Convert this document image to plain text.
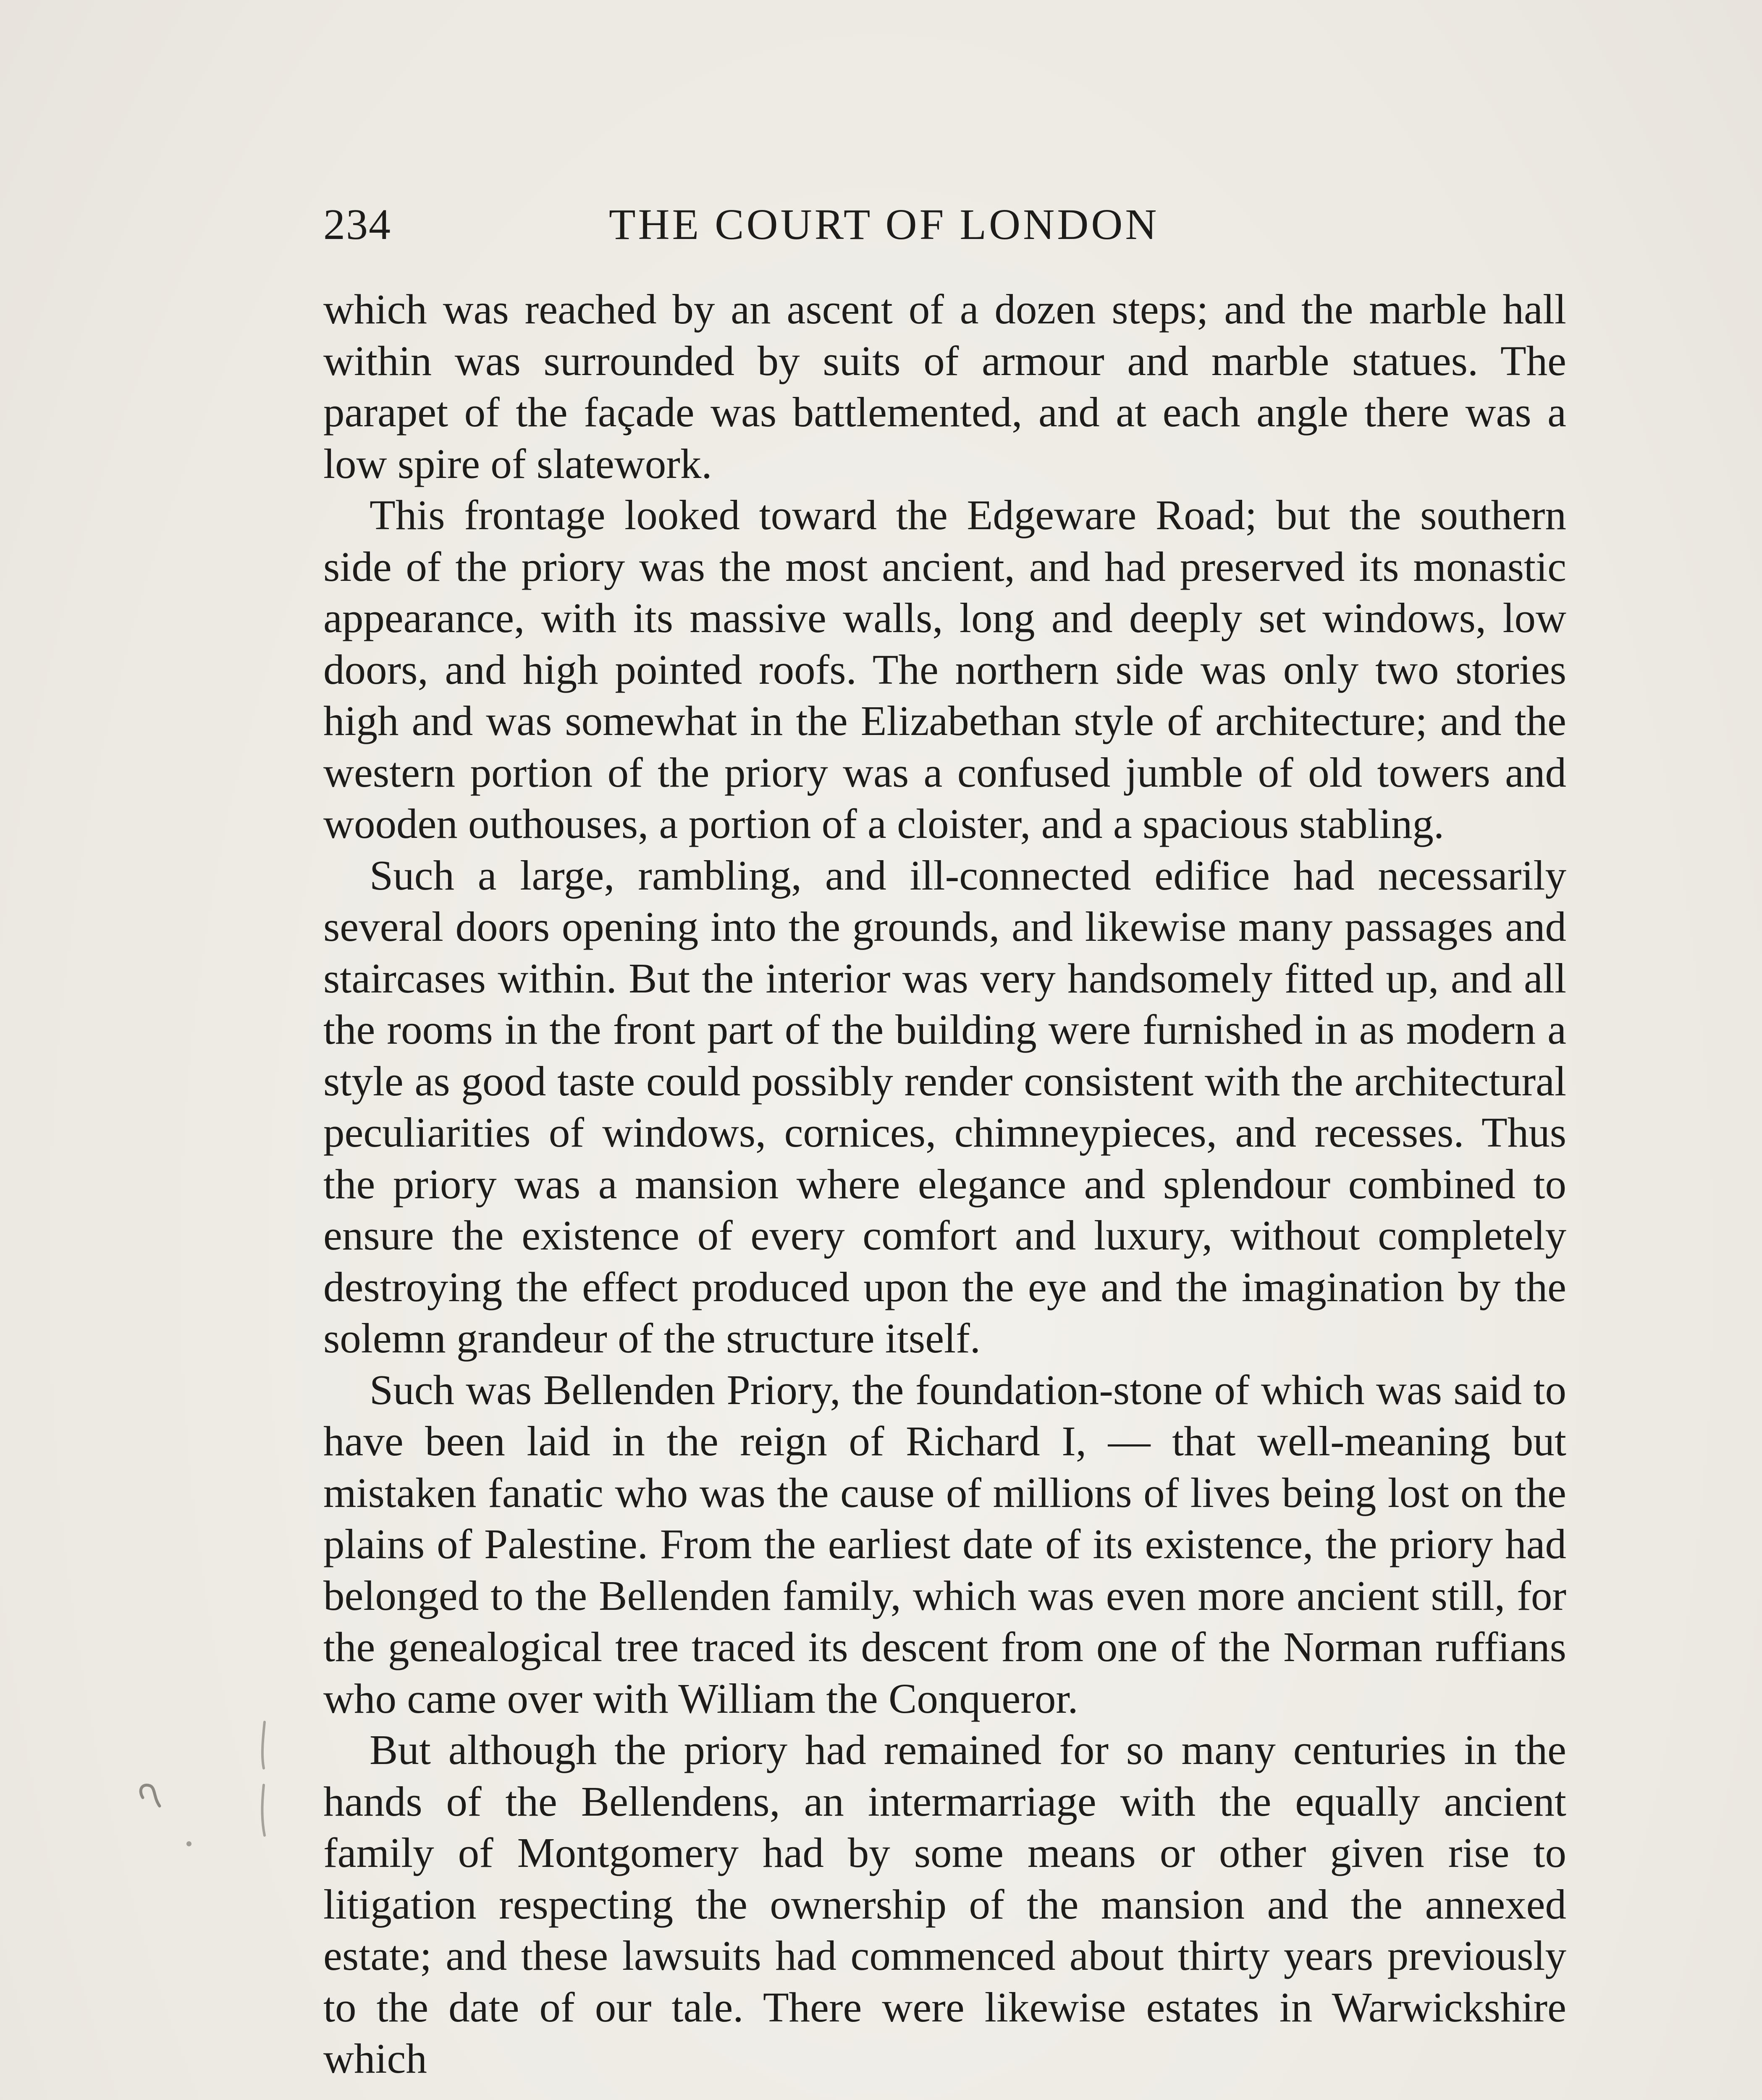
234	THE COURT OF LONDON

which was reached by an ascent of a dozen steps; and the marble hall within was surrounded by suits of armour and marble statues. The parapet of the façade was battlemented, and at each angle there was a low spire of slatework.

This frontage looked toward the Edgeware Road; but the southern side of the priory was the most ancient, and had preserved its monastic appearance, with its massive walls, long and deeply set windows, low doors, and high pointed roofs. The northern side was only two stories high and was somewhat in the Elizabethan style of architecture; and the western portion of the priory was a confused jumble of old towers and wooden outhouses, a portion of a cloister, and a spacious stabling.

Such a large, rambling, and ill-connected edifice had necessarily several doors opening into the grounds, and likewise many passages and staircases within. But the interior was very handsomely fitted up, and all the rooms in the front part of the building were furnished in as modern a style as good taste could possibly render consistent with the architectural peculiarities of windows, cornices, chimneypieces, and recesses. Thus the priory was a mansion where elegance and splendour combined to ensure the existence of every comfort and luxury, without completely destroying the effect produced upon the eye and the imagination by the solemn grandeur of the structure itself.

Such was Bellenden Priory, the foundation-stone of which was said to have been laid in the reign of Richard I, — that well-meaning but mistaken fanatic who was the cause of millions of lives being lost on the plains of Palestine. From the earliest date of its existence, the priory had belonged to the Bellenden family, which was even more ancient still, for the genealogical tree traced its descent from one of the Norman ruffians who came over with William the Conqueror.

But although the priory had remained for so many centuries in the hands of the Bellendens, an intermarriage with the equally ancient family of Montgomery had by some means or other given rise to litigation respecting the ownership of the mansion and the annexed estate; and these lawsuits had commenced about thirty years previously to the date of our tale. There were likewise estates in Warwickshire which
